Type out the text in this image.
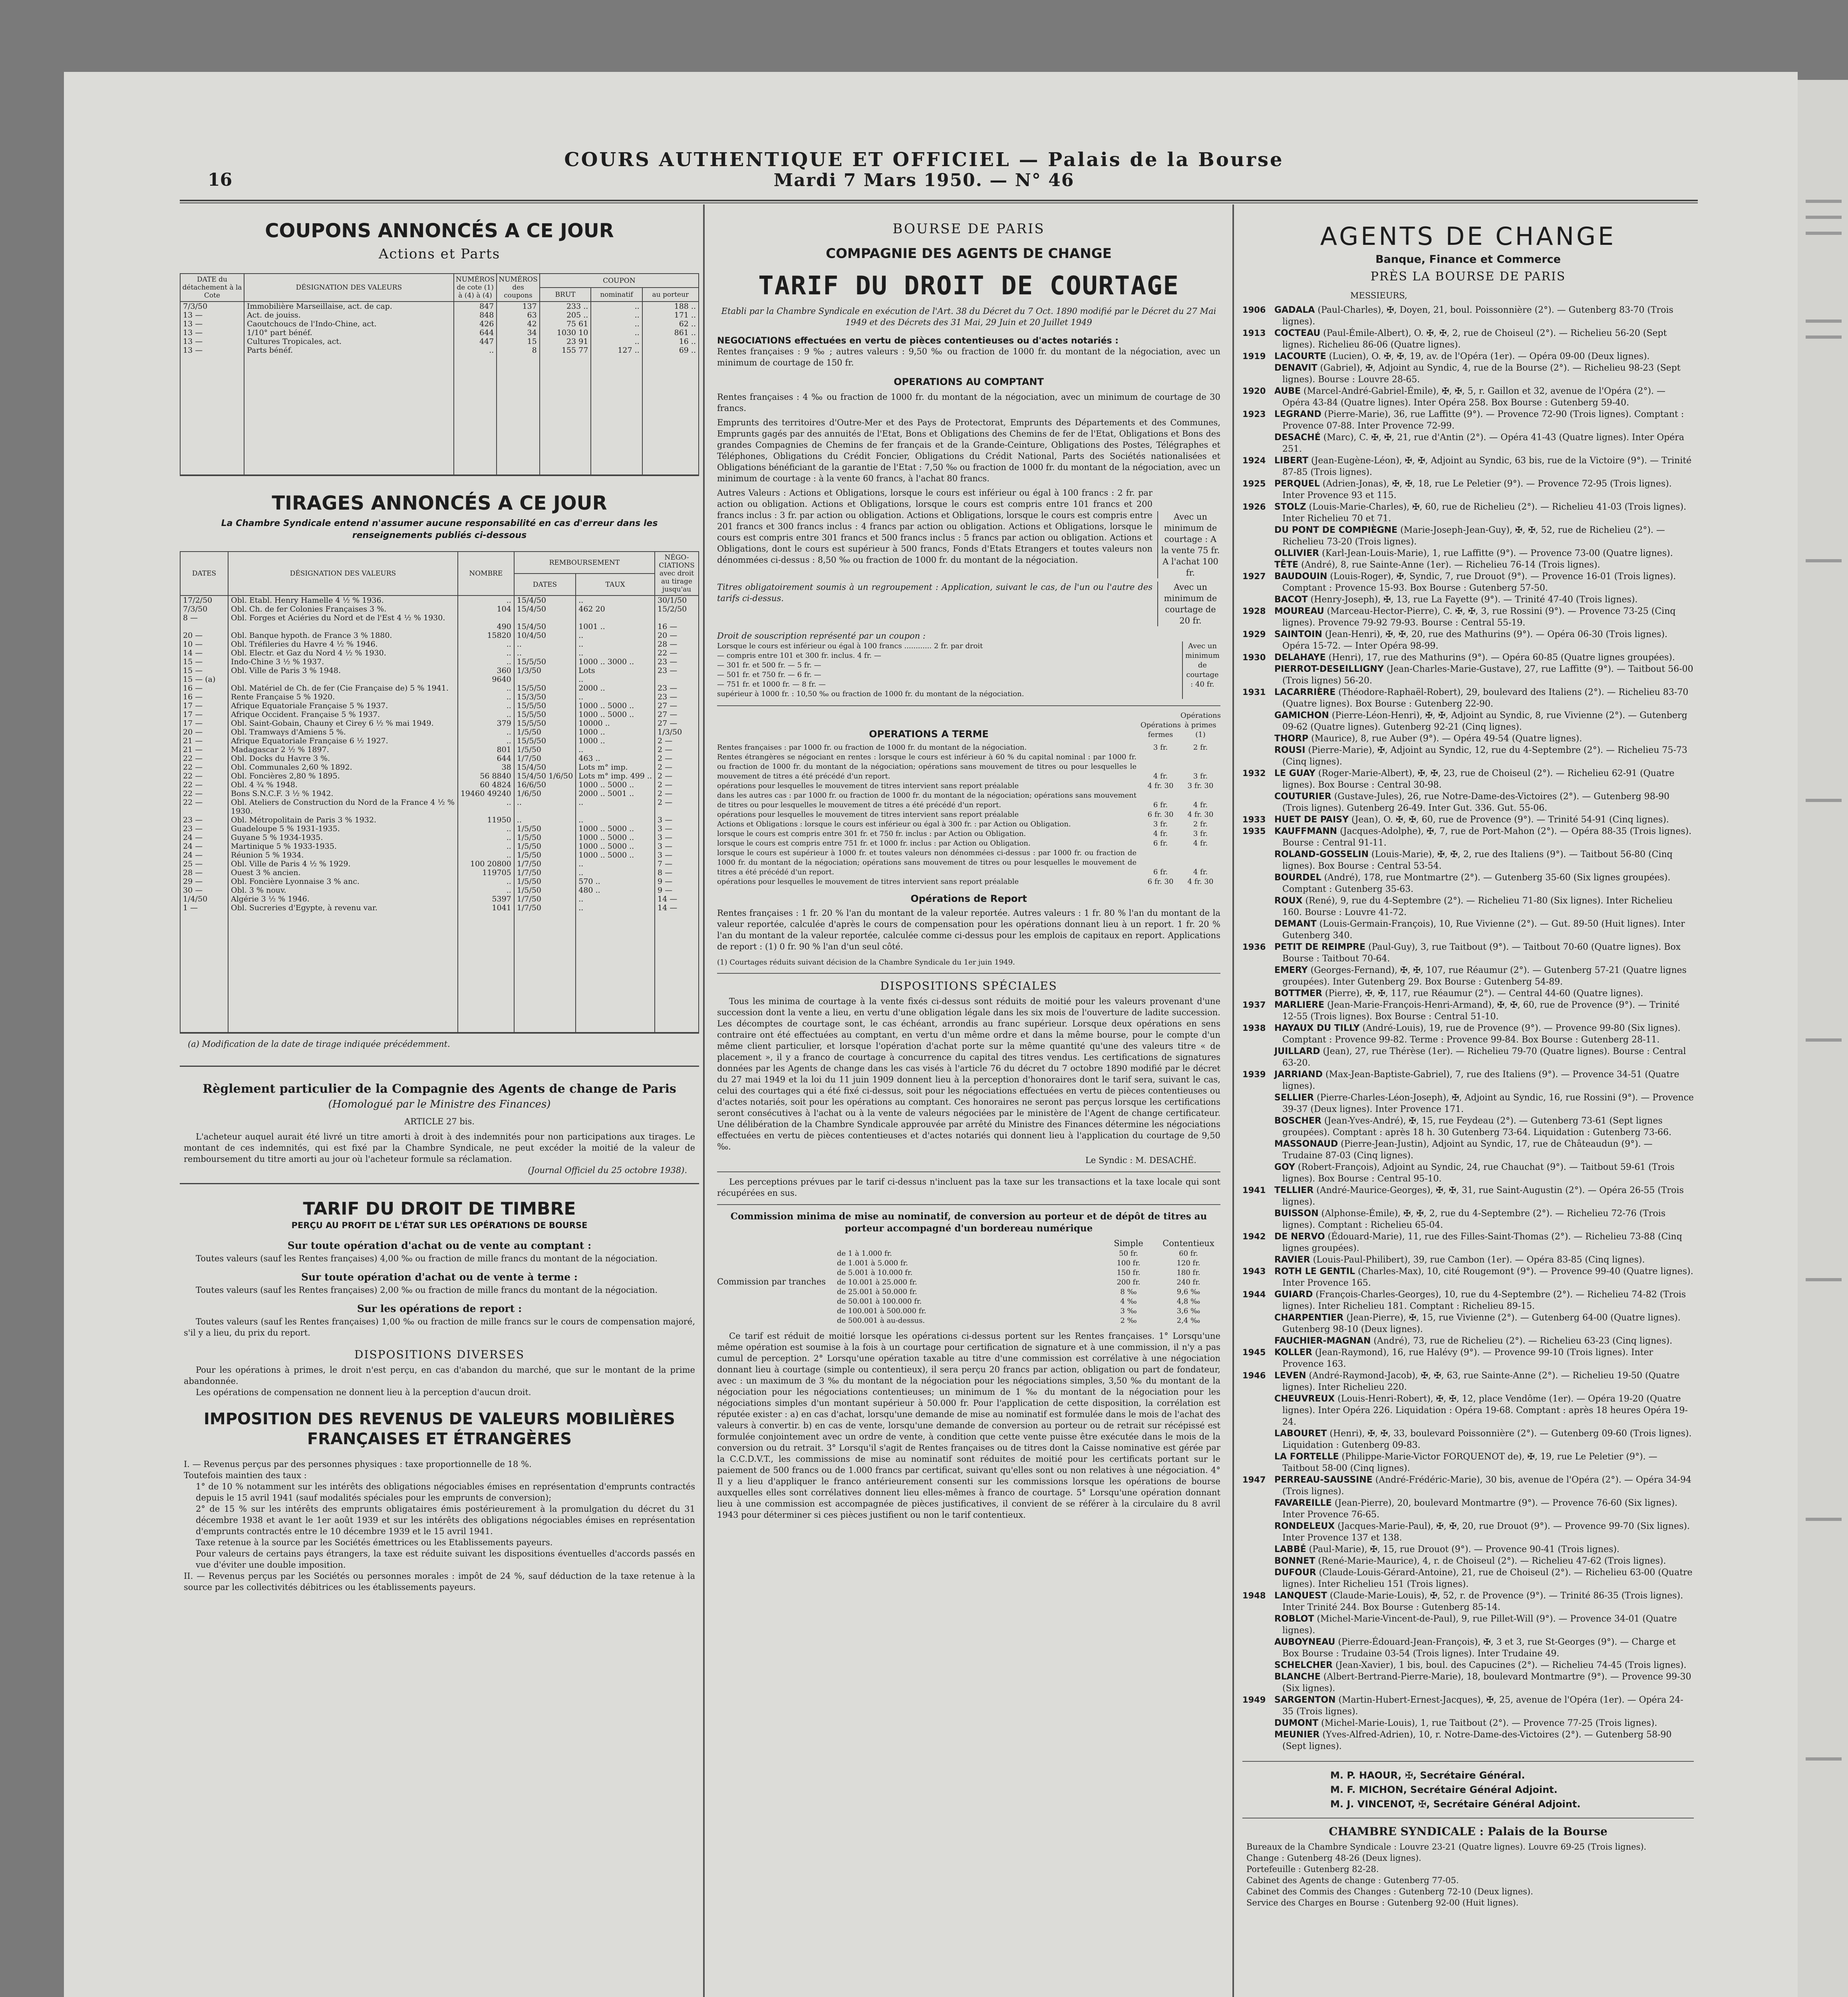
16
COURS AUTHENTIQUE ET OFFICIEL — Palais de la Bourse
Mardi 7 Mars 1950. — N° 46
COUPONS ANNONCÉS A CE JOUR
Actions et Parts
DATE du détachement à la Cote	DÉSIGNATION DES VALEURS	NUMÉROS de cote (1) à (4) à (4)	NUMÉROS des coupons	COUPON		
				BRUT	nominatif	au porteur
7/3/50	Immobilière Marseillaise, act. de cap.	847	137	233 ..	..	188 ..
13 —	Act. de jouiss.	848	63	205 ..	..	171 ..
13 —	Caoutchoucs de l'Indo-Chine, act.	426	42	75 61	..	62 ..
13 —	1/10° part bénéf.	644	34	1030 10	..	861 ..
13 —	Cultures Tropicales, act.	447	15	23 91	..	16 ..
13 —	Parts bénéf.	..	8	155 77	127 ..	69 ..

TIRAGES ANNONCÉS A CE JOUR
La Chambre Syndicale entend n'assumer aucune responsabilité en cas d'erreur dans les renseignements publiés ci-dessous
DATES	DÉSIGNATION DES VALEURS	NOMBRE	REMBOURSEMENT		NÉGO-CIATIONS avec droit au tirage jusqu'au
			DATES	TAUX	
17/2/50	Obl. Etabl. Henry Hamelle 4 ½ % 1936.	..	15/4/50	..	30/1/50
7/3/50	Obl. Ch. de fer Colonies Françaises 3 %.	104	15/4/50	462 20	15/2/50
8 —	Obl. Forges et Aciéries du Nord et de l'Est 4 ½ % 1930.				
		490	15/4/50	1001 ..	16 —
20 —	Obl. Banque hypoth. de France 3 % 1880.	15820	10/4/50	..	20 —
10 —	Obl. Tréfileries du Havre 4 ½ % 1946.	..	..	..	28 —
14 —	Obl. Electr. et Gaz du Nord 4 ½ % 1930.	..	..	..	22 —
15 —	Indo-Chine 3 ½ % 1937.	..	15/5/50	1000 .. 3000 ..	23 —
15 —	Obl. Ville de Paris 3 % 1948.	360	1/3/50	Lots	23 —
15 — (a)		9640		..	
16 —	Obl. Matériel de Ch. de fer (Cie Française de) 5 % 1941.	..	15/5/50	2000 ..	23 —
16 —	Rente Française 5 % 1920.	..	15/3/50	..	23 —
17 —	Afrique Equatoriale Française 5 % 1937.	..	15/5/50	1000 .. 5000 ..	27 —
17 —	Afrique Occident. Française 5 % 1937.	..	15/5/50	1000 .. 5000 ..	27 —
17 —	Obl. Saint-Gobain, Chauny et Cirey 6 ½ % mai 1949.	379	15/5/50	10000 ..	27 —
20 —	Obl. Tramways d'Amiens 5 %.	..	1/5/50	1000 ..	1/3/50
21 —	Afrique Equatoriale Française 6 ½ 1927.	..	15/5/50	1000 ..	2 —
21 —	Madagascar 2 ½ % 1897.	801	1/5/50	..	2 —
22 —	Obl. Docks du Havre 3 %.	644	1/7/50	463 ..	2 —
22 —	Obl. Communales 2,60 % 1892.	38	15/4/50	Lots m° imp.	2 —
22 —	Obl. Foncières 2,80 % 1895.	56 8840	15/4/50 1/6/50	Lots m° imp. 499 ..	2 —
22 —	Obl. 4 ¾ % 1948.	60 4824	16/6/50	1000 .. 5000 ..	2 —
22 —	Bons S.N.C.F. 3 ½ % 1942.	19460 49240	1/6/50	2000 .. 5001 ..	2 —
22 —	Obl. Ateliers de Construction du Nord de la France 4 ½ % 1930.	..	..	..	2 —
23 —	Obl. Métropolitain de Paris 3 % 1932.	11950	..	..	3 —
23 —	Guadeloupe 5 % 1931-1935.	..	1/5/50	1000 .. 5000 ..	3 —
24 —	Guyane 5 % 1934-1935.	..	1/5/50	1000 .. 5000 ..	3 —
24 —	Martinique 5 % 1933-1935.	..	1/5/50	1000 .. 5000 ..	3 —
24 —	Réunion 5 % 1934.	..	1/5/50	1000 .. 5000 ..	3 —
25 —	Obl. Ville de Paris 4 ½ % 1929.	100 20800	1/7/50	..	7 —
28 —	Ouest 3 % ancien.	119705	1/7/50	..	8 —
29 —	Obl. Foncière Lyonnaise 3 % anc.	..	1/5/50	570 ..	9 —
30 —	Obl. 3 % nouv.	..	1/5/50	480 ..	9 —
1/4/50	Algérie 3 ½ % 1946.	5397	1/7/50	..	14 —
1 —	Obl. Sucreries d'Egypte, à revenu var.	1041	1/7/50	..	14 —

(a) Modification de la date de tirage indiquée précédemment.
Règlement particulier de la Compagnie des Agents de change de Paris
(Homologué par le Ministre des Finances)
ARTICLE 27 bis.
L'acheteur auquel aurait été livré un titre amorti à droit à des indemnités pour non participations aux tirages. Le montant de ces indemnités, qui est fixé par la Chambre Syndicale, ne peut excéder la moitié de la valeur de remboursement du titre amorti au jour où l'acheteur formule sa réclamation.
(Journal Officiel du 25 octobre 1938).
TARIF DU DROIT DE TIMBRE
PERÇU AU PROFIT DE L'ÉTAT SUR LES OPÉRATIONS DE BOURSE
Sur toute opération d'achat ou de vente au comptant :
Toutes valeurs (sauf les Rentes françaises) 4,00 ‰ ou fraction de mille francs du montant de la négociation.
Sur toute opération d'achat ou de vente à terme :
Toutes valeurs (sauf les Rentes françaises) 2,00 ‰ ou fraction de mille francs du montant de la négociation.
Sur les opérations de report :
Toutes valeurs (sauf les Rentes françaises) 1,00 ‰ ou fraction de mille francs sur le cours de compensation majoré, s'il y a lieu, du prix du report.
DISPOSITIONS DIVERSES
Pour les opérations à primes, le droit n'est perçu, en cas d'abandon du marché, que sur le montant de la prime abandonnée.
Les opérations de compensation ne donnent lieu à la perception d'aucun droit.
IMPOSITION DES REVENUS DE VALEURS MOBILIÈRES FRANÇAISES ET ÉTRANGÈRES
I. — Revenus perçus par des personnes physiques : taxe proportionnelle de 18 %.
Toutefois maintien des taux :
1° de 10 % notamment sur les intérêts des obligations négociables émises en représentation d'emprunts contractés depuis le 15 avril 1941 (sauf modalités spéciales pour les emprunts de conversion);
2° de 15 % sur les intérêts des emprunts obligataires émis postérieurement à la promulgation du décret du 31 décembre 1938 et avant le 1er août 1939 et sur les intérêts des obligations négociables émises en représentation d'emprunts contractés entre le 10 décembre 1939 et le 15 avril 1941.
Taxe retenue à la source par les Sociétés émettrices ou les Etablissements payeurs.
Pour valeurs de certains pays étrangers, la taxe est réduite suivant les dispositions éventuelles d'accords passés en vue d'éviter une double imposition.
II. — Revenus perçus par les Sociétés ou personnes morales : impôt de 24 %, sauf déduction de la taxe retenue à la source par les collectivités débitrices ou les établissements payeurs.
BOURSE DE PARIS
COMPAGNIE DES AGENTS DE CHANGE
TARIF DU DROIT DE COURTAGE
Etabli par la Chambre Syndicale en exécution de l'Art. 38 du Décret du 7 Oct. 1890 modifié par le Décret du 27 Mai 1949 et des Décrets des 31 Mai, 29 Juin et 20 Juillet 1949
NEGOCIATIONS effectuées en vertu de pièces contentieuses ou d'actes notariés :
Rentes françaises : 9 ‰ ; autres valeurs : 9,50 ‰ ou fraction de 1000 fr. du montant de la négociation, avec un minimum de courtage de 150 fr.
OPERATIONS AU COMPTANT
Rentes françaises : 4 ‰ ou fraction de 1000 fr. du montant de la négociation, avec un minimum de courtage de 30 francs.
Emprunts des territoires d'Outre-Mer et des Pays de Protectorat, Emprunts des Départements et des Communes, Emprunts gagés par des annuités de l'Etat, Bons et Obligations des Chemins de fer de l'Etat, Obligations et Bons des grandes Compagnies de Chemins de fer français et de la Grande-Ceinture, Obligations des Postes, Télégraphes et Téléphones, Obligations du Crédit Foncier, Obligations du Crédit National, Parts des Sociétés nationalisées et Obligations bénéficiant de la garantie de l'Etat : 7,50 ‰ ou fraction de 1000 fr. du montant de la négociation, avec un minimum de courtage : à la vente 60 francs, à l'achat 80 francs.
Autres Valeurs : Actions et Obligations, lorsque le cours est inférieur ou égal à 100 francs : 2 fr. par action ou obligation. Actions et Obligations, lorsque le cours est compris entre 101 francs et 200 francs inclus : 3 fr. par action ou obligation. Actions et Obligations, lorsque le cours est compris entre 201 francs et 300 francs inclus : 4 francs par action ou obligation. Actions et Obligations, lorsque le cours est compris entre 301 francs et 500 francs inclus : 5 francs par action ou obligation. Actions et Obligations, dont le cours est supérieur à 500 francs, Fonds d'Etats Etrangers et toutes valeurs non dénommées ci-dessus : 8,50 ‰ ou fraction de 1000 fr. du montant de la négociation.
Avec un minimum de courtage : A la vente 75 fr. A l'achat 100 fr.
Titres obligatoirement soumis à un regroupement : Application, suivant le cas, de l'un ou l'autre des tarifs ci-dessus.
Avec un minimum de courtage de 20 fr.
Droit de souscription représenté par un coupon :
Lorsque le cours est inférieur ou égal à 100 francs ............ 2 fr. par droit
— compris entre 101 et 300 fr. inclus. 4 fr. —
— 301 fr. et 500 fr. — 5 fr. —
— 501 fr. et 750 fr. — 6 fr. —
— 751 fr. et 1000 fr. — 8 fr. —
supérieur à 1000 fr. : 10,50 ‰ ou fraction de 1000 fr. du montant de la négociation.
Avec un minimum de courtage : 40 fr.
OPERATIONS A TERME
Opérations fermes
Opérations à primes (1)
Rentes françaises : par 1000 fr. ou fraction de 1000 fr. du montant de la négociation.	3 fr.	2 fr.
Rentes étrangères se négociant en rentes : lorsque le cours est inférieur à 60 % du capital nominal : par 1000 fr. ou fraction de 1000 fr. du montant de la négociation; opérations sans mouvement de titres ou pour lesquelles le mouvement de titres a été précédé d'un report.	4 fr.	3 fr.
opérations pour lesquelles le mouvement de titres intervient sans report préalable	4 fr. 30	3 fr. 30
dans les autres cas : par 1000 fr. ou fraction de 1000 fr. du montant de la négociation; opérations sans mouvement de titres ou pour lesquelles le mouvement de titres a été précédé d'un report.	6 fr.	4 fr.
opérations pour lesquelles le mouvement de titres intervient sans report préalable	6 fr. 30	4 fr. 30
Actions et Obligations : lorsque le cours est inférieur ou égal à 300 fr. : par Action ou Obligation.	3 fr.	2 fr.
lorsque le cours est compris entre 301 fr. et 750 fr. inclus : par Action ou Obligation.	4 fr.	3 fr.
lorsque le cours est compris entre 751 fr. et 1000 fr. inclus : par Action ou Obligation.	6 fr.	4 fr.
lorsque le cours est supérieur à 1000 fr. et toutes valeurs non dénommées ci-dessus : par 1000 fr. ou fraction de 1000 fr. du montant de la négociation; opérations sans mouvement de titres ou pour lesquelles le mouvement de titres a été précédé d'un report.	6 fr.	4 fr.
opérations pour lesquelles le mouvement de titres intervient sans report préalable	6 fr. 30	4 fr. 30
Opérations de Report
Rentes françaises : 1 fr. 20 % l'an du montant de la valeur reportée. Autres valeurs : 1 fr. 80 % l'an du montant de la valeur reportée, calculée d'après le cours de compensation pour les opérations donnant lieu à un report. 1 fr. 20 % l'an du montant de la valeur reportée, calculée comme ci-dessus pour les emplois de capitaux en report. Applications de report : (1) 0 fr. 90 % l'an d'un seul côté.
(1) Courtages réduits suivant décision de la Chambre Syndicale du 1er juin 1949.
DISPOSITIONS SPÉCIALES
Tous les minima de courtage à la vente fixés ci-dessus sont réduits de moitié pour les valeurs provenant d'une succession dont la vente a lieu, en vertu d'une obligation légale dans les six mois de l'ouverture de ladite succession. Les décomptes de courtage sont, le cas échéant, arrondis au franc supérieur. Lorsque deux opérations en sens contraire ont été effectuées au comptant, en vertu d'un même ordre et dans la même bourse, pour le compte d'un même client particulier, et lorsque l'opération d'achat porte sur la même quantité qu'une des valeurs titre « de placement », il y a franco de courtage à concurrence du capital des titres vendus. Les certifications de signatures données par les Agents de change dans les cas visés à l'article 76 du décret du 7 octobre 1890 modifié par le décret du 27 mai 1949 et la loi du 11 juin 1909 donnent lieu à la perception d'honoraires dont le tarif sera, suivant le cas, celui des courtages qui a été fixé ci-dessus, soit pour les négociations effectuées en vertu de pièces contentieuses ou d'actes notariés, soit pour les opérations au comptant. Ces honoraires ne seront pas perçus lorsque les certifications seront consécutives à l'achat ou à la vente de valeurs négociées par le ministère de l'Agent de change certificateur. Une délibération de la Chambre Syndicale approuvée par arrêté du Ministre des Finances détermine les négociations effectuées en vertu de pièces contentieuses et d'actes notariés qui donnent lieu à l'application du courtage de 9,50 ‰.
Le Syndic : M. DESACHÉ.
Les perceptions prévues par le tarif ci-dessus n'incluent pas la taxe sur les transactions et la taxe locale qui sont récupérées en sus.
Commission minima de mise au nominatif, de conversion au porteur et de dépôt de titres au porteur accompagné d'un bordereau numérique
Commission par tranches
Simple	Contentieux
de 1 à 1.000 fr.	50 fr.	60 fr.
de 1.001 à 5.000 fr.	100 fr.	120 fr.
de 5.001 à 10.000 fr.	150 fr.	180 fr.
de 10.001 à 25.000 fr.	200 fr.	240 fr.
de 25.001 à 50.000 fr.	8 ‰	9,6 ‰
de 50.001 à 100.000 fr.	4 ‰	4,8 ‰
de 100.001 à 500.000 fr.	3 ‰	3,6 ‰
de 500.001 à au-dessus.	2 ‰	2,4 ‰
Ce tarif est réduit de moitié lorsque les opérations ci-dessus portent sur les Rentes françaises. 1° Lorsqu'une même opération est soumise à la fois à un courtage pour certification de signature et à une commission, il n'y a pas cumul de perception. 2° Lorsqu'une opération taxable au titre d'une commission est corrélative à une négociation donnant lieu à courtage (simple ou contentieux), il sera perçu 20 francs par action, obligation ou part de fondateur, avec : un maximum de 3 ‰ du montant de la négociation pour les négociations simples, 3,50 ‰ du montant de la négociation pour les négociations contentieuses; un minimum de 1 ‰ du montant de la négociation pour les négociations simples d'un montant supérieur à 50.000 fr. Pour l'application de cette disposition, la corrélation est réputée exister : a) en cas d'achat, lorsqu'une demande de mise au nominatif est formulée dans le mois de l'achat des valeurs à convertir. b) en cas de vente, lorsqu'une demande de conversion au porteur ou de retrait sur récépissé est formulée conjointement avec un ordre de vente, à condition que cette vente puisse être exécutée dans le mois de la conversion ou du retrait. 3° Lorsqu'il s'agit de Rentes françaises ou de titres dont la Caisse nominative est gérée par la C.C.D.V.T., les commissions de mise au nominatif sont réduites de moitié pour les certificats portant sur le paiement de 500 francs ou de 1.000 francs par certificat, suivant qu'elles sont ou non relatives à une négociation. 4° Il y a lieu d'appliquer le franco antérieurement consenti sur les commissions lorsque les opérations de bourse auxquelles elles sont corrélatives donnent lieu elles-mêmes à franco de courtage. 5° Lorsqu'une opération donnant lieu à une commission est accompagnée de pièces justificatives, il convient de se référer à la circulaire du 8 avril 1943 pour déterminer si ces pièces justifient ou non le tarif contentieux.
AGENTS DE CHANGE
Banque, Finance et Commerce
PRÈS LA BOURSE DE PARIS
MESSIEURS,
1906 GADALA (Paul-Charles), ✠, Doyen, 21, boul. Poissonnière (2°). — Gutenberg 83-70 (Trois lignes).
1913 COCTEAU (Paul-Émile-Albert), O. ✠, ✠, 2, rue de Choiseul (2°). — Richelieu 56-20 (Sept lignes). Richelieu 86-06 (Quatre lignes).
1919 LACOURTE (Lucien), O. ✠, ✠, 19, av. de l'Opéra (1er). — Opéra 09-00 (Deux lignes).
DENAVIT (Gabriel), ✠, Adjoint au Syndic, 4, rue de la Bourse (2°). — Richelieu 98-23 (Sept lignes). Bourse : Louvre 28-65.
1920 AUBE (Marcel-André-Gabriel-Émile), ✠, ✠, 5, r. Gaillon et 32, avenue de l'Opéra (2°). — Opéra 43-84 (Quatre lignes). Inter Opéra 258. Box Bourse : Gutenberg 59-40.
1923 LEGRAND (Pierre-Marie), 36, rue Laffitte (9°). — Provence 72-90 (Trois lignes). Comptant : Provence 07-88. Inter Provence 72-99.
DESACHÉ (Marc), C. ✠, ✠, 21, rue d'Antin (2°). — Opéra 41-43 (Quatre lignes). Inter Opéra 251.
1924 LIBERT (Jean-Eugène-Léon), ✠, ✠, Adjoint au Syndic, 63 bis, rue de la Victoire (9°). — Trinité 87-85 (Trois lignes).
1925 PERQUEL (Adrien-Jonas), ✠, ✠, 18, rue Le Peletier (9°). — Provence 72-95 (Trois lignes). Inter Provence 93 et 115.
1926 STOLZ (Louis-Marie-Charles), ✠, 60, rue de Richelieu (2°). — Richelieu 41-03 (Trois lignes). Inter Richelieu 70 et 71.
DU PONT DE COMPIÈGNE (Marie-Joseph-Jean-Guy), ✠, ✠, 52, rue de Richelieu (2°). — Richelieu 73-20 (Trois lignes).
OLLIVIER (Karl-Jean-Louis-Marie), 1, rue Laffitte (9°). — Provence 73-00 (Quatre lignes).
TÊTE (André), 8, rue Sainte-Anne (1er). — Richelieu 76-14 (Trois lignes).
1927 BAUDOUIN (Louis-Roger), ✠, Syndic, 7, rue Drouot (9°). — Provence 16-01 (Trois lignes). Comptant : Provence 15-93. Box Bourse : Gutenberg 57-50.
BACOT (Henry-Joseph), ✠, 13, rue La Fayette (9°). — Trinité 47-40 (Trois lignes).
1928 MOUREAU (Marceau-Hector-Pierre), C. ✠, ✠, 3, rue Rossini (9°). — Provence 73-25 (Cinq lignes). Provence 79-92 79-93. Bourse : Central 55-19.
1929 SAINTOIN (Jean-Henri), ✠, ✠, 20, rue des Mathurins (9°). — Opéra 06-30 (Trois lignes). Opéra 15-72. — Inter Opéra 98-99.
1930 DELAHAYE (Henri), 17, rue des Mathurins (9°). — Opéra 60-85 (Quatre lignes groupées).
PIERROT-DESEILLIGNY (Jean-Charles-Marie-Gustave), 27, rue Laffitte (9°). — Taitbout 56-00 (Trois lignes) 56-20.
1931 LACARRIÈRE (Théodore-Raphaël-Robert), 29, boulevard des Italiens (2°). — Richelieu 83-70 (Quatre lignes). Box Bourse : Gutenberg 22-90.
GAMICHON (Pierre-Léon-Henri), ✠, ✠, Adjoint au Syndic, 8, rue Vivienne (2°). — Gutenberg 09-62 (Quatre lignes). Gutenberg 92-21 (Cinq lignes).
THORP (Maurice), 8, rue Auber (9°). — Opéra 49-54 (Quatre lignes).
ROUSI (Pierre-Marie), ✠, Adjoint au Syndic, 12, rue du 4-Septembre (2°). — Richelieu 75-73 (Cinq lignes).
1932 LE GUAY (Roger-Marie-Albert), ✠, ✠, 23, rue de Choiseul (2°). — Richelieu 62-91 (Quatre lignes). Box Bourse : Central 30-98.
COUTURIER (Gustave-Jules), 26, rue Notre-Dame-des-Victoires (2°). — Gutenberg 98-90 (Trois lignes). Gutenberg 26-49. Inter Gut. 336. Gut. 55-06.
1933 HUET DE PAISY (Jean), O. ✠, ✠, 60, rue de Provence (9°). — Trinité 54-91 (Cinq lignes).
1935 KAUFFMANN (Jacques-Adolphe), ✠, 7, rue de Port-Mahon (2°). — Opéra 88-35 (Trois lignes). Bourse : Central 91-11.
ROLAND-GOSSELIN (Louis-Marie), ✠, ✠, 2, rue des Italiens (9°). — Taitbout 56-80 (Cinq lignes). Box Bourse : Central 53-54.
BOURDEL (André), 178, rue Montmartre (2°). — Gutenberg 35-60 (Six lignes groupées). Comptant : Gutenberg 35-63.
ROUX (René), 9, rue du 4-Septembre (2°). — Richelieu 71-80 (Six lignes). Inter Richelieu 160. Bourse : Louvre 41-72.
DEMANT (Louis-Germain-François), 10, Rue Vivienne (2°). — Gut. 89-50 (Huit lignes). Inter Gutenberg 340.
1936 PETIT DE REIMPRE (Paul-Guy), 3, rue Taitbout (9°). — Taitbout 70-60 (Quatre lignes). Box Bourse : Taitbout 70-64.
EMERY (Georges-Fernand), ✠, ✠, 107, rue Réaumur (2°). — Gutenberg 57-21 (Quatre lignes groupées). Inter Gutenberg 29. Box Bourse : Gutenberg 54-89.
BOTTMER (Pierre), ✠, ✠, 117, rue Réaumur (2°). — Central 44-60 (Quatre lignes).
1937 MARLIERE (Jean-Marie-François-Henri-Armand), ✠, ✠, 60, rue de Provence (9°). — Trinité 12-55 (Trois lignes). Box Bourse : Central 51-10.
1938 HAYAUX DU TILLY (André-Louis), 19, rue de Provence (9°). — Provence 99-80 (Six lignes). Comptant : Provence 99-82. Terme : Provence 99-84. Box Bourse : Gutenberg 28-11.
JUILLARD (Jean), 27, rue Thérèse (1er). — Richelieu 79-70 (Quatre lignes). Bourse : Central 63-20.
1939 JARRIAND (Max-Jean-Baptiste-Gabriel), 7, rue des Italiens (9°). — Provence 34-51 (Quatre lignes).
SELLIER (Pierre-Charles-Léon-Joseph), ✠, Adjoint au Syndic, 16, rue Rossini (9°). — Provence 39-37 (Deux lignes). Inter Provence 171.
BOSCHER (Jean-Yves-André), ✠, 15, rue Feydeau (2°). — Gutenberg 73-61 (Sept lignes groupées). Comptant : après 18 h. 30 Gutenberg 73-64. Liquidation : Gutenberg 73-66.
MASSONAUD (Pierre-Jean-Justin), Adjoint au Syndic, 17, rue de Châteaudun (9°). — Trudaine 87-03 (Cinq lignes).
GOY (Robert-François), Adjoint au Syndic, 24, rue Chauchat (9°). — Taitbout 59-61 (Trois lignes). Box Bourse : Central 95-10.
1941 TELLIER (André-Maurice-Georges), ✠, ✠, 31, rue Saint-Augustin (2°). — Opéra 26-55 (Trois lignes).
BUISSON (Alphonse-Émile), ✠, ✠, 2, rue du 4-Septembre (2°). — Richelieu 72-76 (Trois lignes). Comptant : Richelieu 65-04.
1942 DE NERVO (Édouard-Marie), 11, rue des Filles-Saint-Thomas (2°). — Richelieu 73-88 (Cinq lignes groupées).
RAVIER (Louis-Paul-Philibert), 39, rue Cambon (1er). — Opéra 83-85 (Cinq lignes).
1943 ROTH LE GENTIL (Charles-Max), 10, cité Rougemont (9°). — Provence 99-40 (Quatre lignes). Inter Provence 165.
1944 GUIARD (François-Charles-Georges), 10, rue du 4-Septembre (2°). — Richelieu 74-82 (Trois lignes). Inter Richelieu 181. Comptant : Richelieu 89-15.
CHARPENTIER (Jean-Pierre), ✠, 15, rue Vivienne (2°). — Gutenberg 64-00 (Quatre lignes). Gutenberg 98-10 (Deux lignes).
FAUCHIER-MAGNAN (André), 73, rue de Richelieu (2°). — Richelieu 63-23 (Cinq lignes).
1945 KOLLER (Jean-Raymond), 16, rue Halévy (9°). — Provence 99-10 (Trois lignes). Inter Provence 163.
1946 LEVEN (André-Raymond-Jacob), ✠, ✠, 63, rue Sainte-Anne (2°). — Richelieu 19-50 (Quatre lignes). Inter Richelieu 220.
CHEUVREUX (Louis-Henri-Robert), ✠, ✠, 12, place Vendôme (1er). — Opéra 19-20 (Quatre lignes). Inter Opéra 226. Liquidation : Opéra 19-68. Comptant : après 18 heures Opéra 19-24.
LABOURET (Henri), ✠, ✠, 33, boulevard Poissonnière (2°). — Gutenberg 09-60 (Trois lignes). Liquidation : Gutenberg 09-83.
LA FORTELLE (Philippe-Marie-Victor FORQUENOT de), ✠, 19, rue Le Peletier (9°). — Taitbout 58-00 (Cinq lignes).
1947 PERREAU-SAUSSINE (André-Frédéric-Marie), 30 bis, avenue de l'Opéra (2°). — Opéra 34-94 (Trois lignes).
FAVAREILLE (Jean-Pierre), 20, boulevard Montmartre (9°). — Provence 76-60 (Six lignes). Inter Provence 76-65.
RONDELEUX (Jacques-Marie-Paul), ✠, ✠, 20, rue Drouot (9°). — Provence 99-70 (Six lignes). Inter Provence 137 et 138.
LABBÉ (Paul-Marie), ✠, 15, rue Drouot (9°). — Provence 90-41 (Trois lignes).
BONNET (René-Marie-Maurice), 4, r. de Choiseul (2°). — Richelieu 47-62 (Trois lignes).
DUFOUR (Claude-Louis-Gérard-Antoine), 21, rue de Choiseul (2°). — Richelieu 63-00 (Quatre lignes). Inter Richelieu 151 (Trois lignes).
1948 LANQUEST (Claude-Marie-Louis), ✠, 52, r. de Provence (9°). — Trinité 86-35 (Trois lignes). Inter Trinité 244. Box Bourse : Gutenberg 85-14.
ROBLOT (Michel-Marie-Vincent-de-Paul), 9, rue Pillet-Will (9°). — Provence 34-01 (Quatre lignes).
AUBOYNEAU (Pierre-Édouard-Jean-François), ✠, 3 et 3, rue St-Georges (9°). — Charge et Box Bourse : Trudaine 03-54 (Trois lignes). Inter Trudaine 49.
SCHELCHER (Jean-Xavier), 1 bis, boul. des Capucines (2°). — Richelieu 74-45 (Trois lignes).
BLANCHE (Albert-Bertrand-Pierre-Marie), 18, boulevard Montmartre (9°). — Provence 99-30 (Six lignes).
1949 SARGENTON (Martin-Hubert-Ernest-Jacques), ✠, 25, avenue de l'Opéra (1er). — Opéra 24-35 (Trois lignes).
DUMONT (Michel-Marie-Louis), 1, rue Taitbout (2°). — Provence 77-25 (Trois lignes).
MEUNIER (Yves-Alfred-Adrien), 10, r. Notre-Dame-des-Victoires (2°). — Gutenberg 58-90 (Sept lignes).
M. P. HAOUR, ✠, Secrétaire Général.
M. F. MICHON, Secrétaire Général Adjoint.
M. J. VINCENOT, ✠, Secrétaire Général Adjoint.
CHAMBRE SYNDICALE : Palais de la Bourse
Bureaux de la Chambre Syndicale : Louvre 23-21 (Quatre lignes). Louvre 69-25 (Trois lignes).
Change : Gutenberg 48-26 (Deux lignes).
Portefeuille : Gutenberg 82-28.
Cabinet des Agents de change : Gutenberg 77-05.
Cabinet des Commis des Changes : Gutenberg 72-10 (Deux lignes).
Service des Charges en Bourse : Gutenberg 92-00 (Huit lignes).
